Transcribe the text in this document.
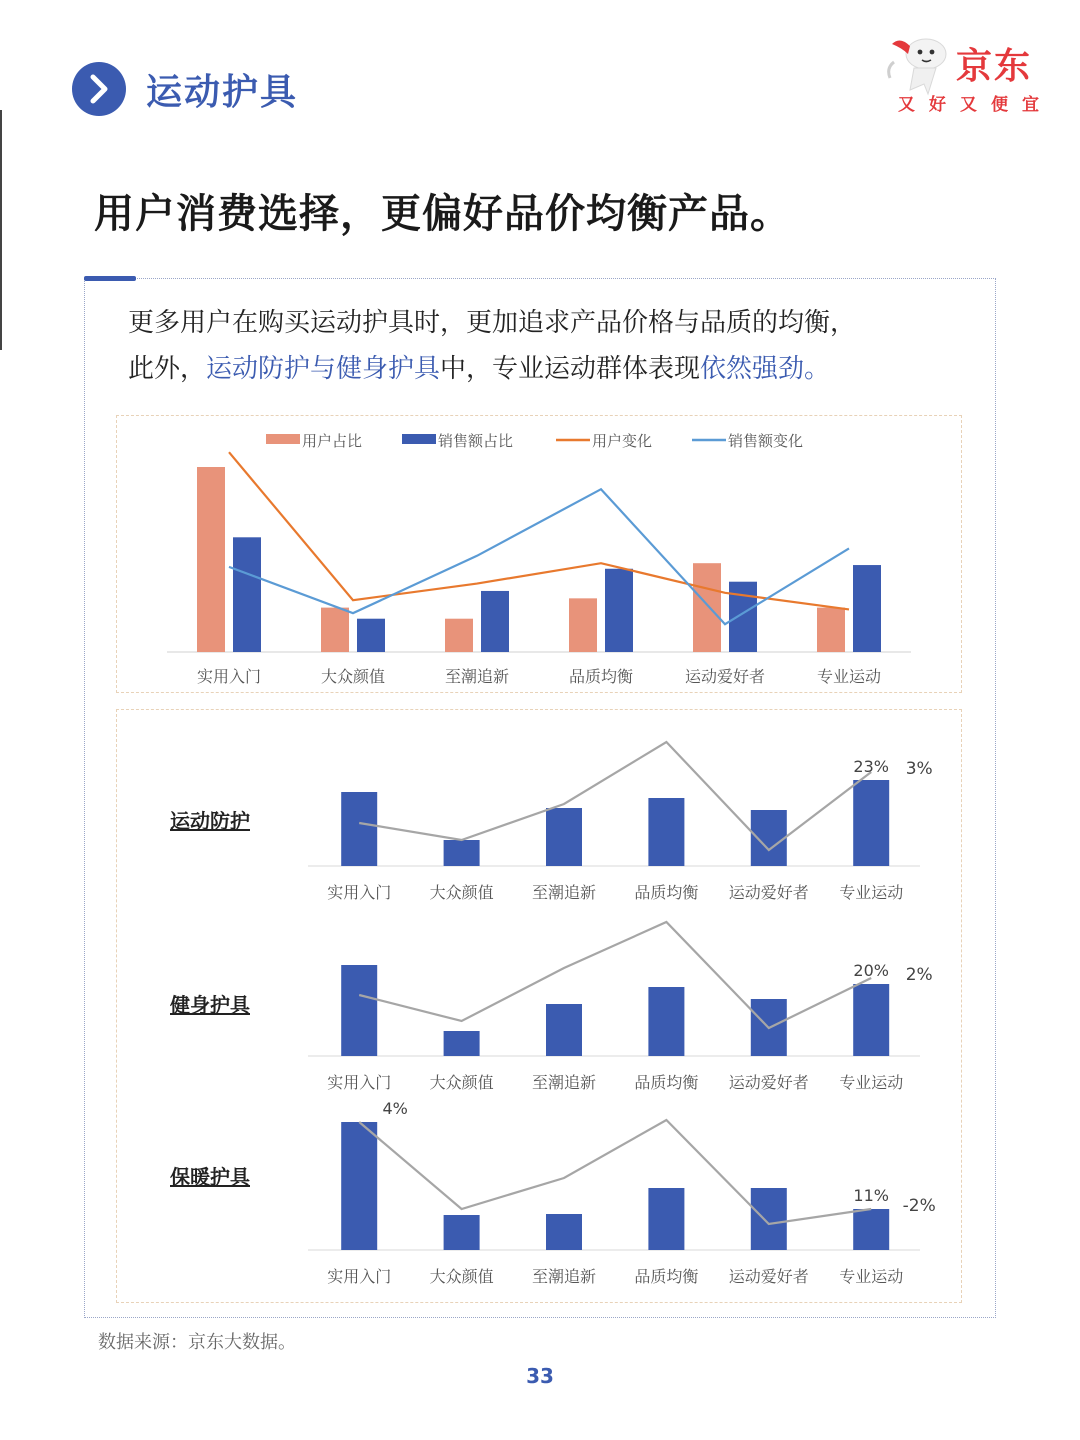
运动护具
京东
又好又便宜
用户消费选择，更偏好品价均衡产品。
更多用户在购买运动护具时，更加追求产品价格与品质的均衡，
此外，运动防护与健身护具中，专业运动群体表现依然强劲。
用户占比	销售额占比	用户变化	销售额变化
实用入门	大众颜值	至潮追新	品质均衡	运动爱好者	专业运动
运动防护
实用入门 大众颜值 至潮追新 品质均衡 运动爱好者 专业运动
23% 3%
健身护具
实用入门 大众颜值 至潮追新 品质均衡 运动爱好者 专业运动
20% 2%
保暖护具
实用入门 大众颜值 至潮追新 品质均衡 运动爱好者 专业运动
4%
11%
-2%
数据来源：京东大数据。
33
